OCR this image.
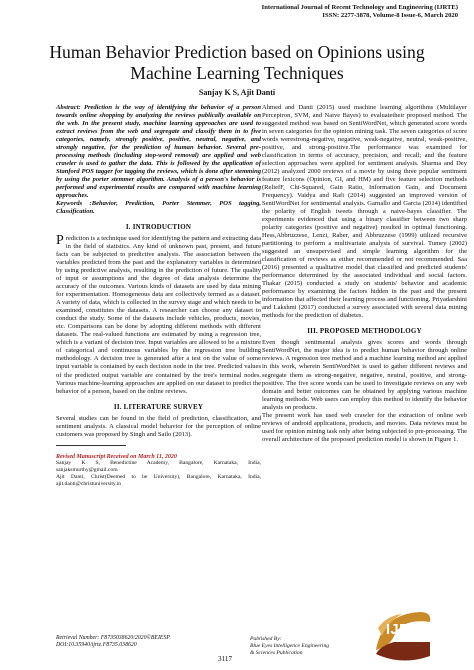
International Journal of Recent Technology and Engineering (IJRTE)
ISSN: 2277-3878, Volume-8 Issue-6, March 2020
Human Behavior Prediction based on Opinions using Machine Learning Techniques
Sanjay K S, Ajit Danti

Abstract: Prediction is the way of identifying the behavior of a person towards online shopping by analyzing the reviews publically available on the web. In the present study, machine learning approaches are used to extract reviews from the web and segregate and classify them in to five categories, namely, strongly positive, positive, neutral, negative, and strongly negative, for the prediction of human behavior. Several pre-processing methods (including stop-word removal) are applied and web crawler is used to gather the data. This is followed by the application of Stanford POS tagger for tagging the reviews, which is done after stemming by using the porter stemmer algorithm. Analysis of a person's behavior is performed and experimental results are compared with machine learning approaches.

Keywords :Behavior, Prediction, Porter Stemmer, POS tagging, Classification.

I. INTRODUCTION

Prediction is a technique used for identifying the pattern and extracting data in the field of statistics. Any kind of unknown past, present, and future facts can be subjected to predictive analysis. The association between the variables predicted from the past and the explanatory variables is determined by using predictive analysis, resulting in the prediction of future. The quality of input or assumptions and the degree of data analysis determine the accuracy of the outcomes. Various kinds of datasets are used by data mining for experimentation. Homogeneous data are collectively termed as a dataset. A variety of data, which is collected in the survey stage and which needs to be examined, constitutes the datasets. A researcher can choose any dataset to conduct the study. Some of the datasets include vehicles, products, movies, etc. Comparisons can be done by adopting different methods with different datasets. The real-valued functions are estimated by using a regression tree, which is a variant of decision tree. Input variables are allowed to be a mixture of categorical and continuous variables by the regression tree building methodology. A decision tree is generated after a test on the value of some input variable is contained by each decision node in the tree. Predicted values of the predicted output variable are contained by the tree's terminal nodes. Various machine-learning approaches are applied on our dataset to predict the behavior of a person, based on the online reviews.

II. LITERATURE SURVEY

Several studies can be found in the field of prediction, classification, and sentiment analysis. A classical model behavior for the perception of online customers was proposed by Singh and Sailo (2013).

Revised Manuscript Received on March 11, 2020
Sanjay K S, Benedictine Academy, Bangalore, Karnataka, India, sanjaksmurthy@gmail.com
Ajit Danti, Christ(Deemed to be University), Bangalore, Karnataka, India, ajit.danti@christuniversity.in

Ahmed and Danti (2015) used machine learning algorithms (Multilayer Perceptron, SVM, and Naive Bayes) to evaluatetheir proposed method. The suggested method was based on SentiWordNet, which generated score words in seven categories for the opinion mining task. The seven categories of score words werestrong-negative, negative, weak-negative, neutral, weak-positive, positive, and strong-positive.The performance was examined for classification in terms of accuracy, precision, and recall; and the feature selection approaches were applied for sentiment analysis. Sharma and Dey (2012) analyzed 2000 reviews of a movie by using three popular sentiment feature lexicons (Opinion, GI, and HM) and five feature selection methods (ReliefF, Chi-Squared, Gain Ratio, Information Gain, and Document Frequency). Vaidya and Rafi (2014) suggested an improved version of SentiWordNet for sentimental analysis. Garnallo and Garcia (2014) identified the polarity of English tweets through a naive-bayes classifier. The experiments evidenced that using a binary classifier between two sharp polarity categories (positive and negative) resulted in optimal functioning. Hess,Abbruzzese, Lenzi, Raber, and Abbruzzese (1999) utilized recursive partitioning to perform a multivariate analysis of survival. Tumey (2002) suggested an unsupervised and simple learning algorithm for the classification of reviews as either recommended or not recommended. Saa (2016) presented a qualitative model that classified and predicted students' performance determined by the associated individual and social factors. Thakar (2015) conducted a study on students' behavior and academic performance by examining the factors hidden in the past and the present information that affected their learning process and functioning. Priyadarshini and Lakshmi (2017) conducted a survey associated with several data mining methods for the prediction of diabetes.

III. PROPOSED METHODOLOGY

Even though sentimental analysis gives scores and words through SentiWordNet, the major idea is to predict human behavior through online reviews. A regression tree method and a machine learning method are applied in this work, wherein SentiWordNet is used to gather different reviews and segregate them as strong-negative, negative, neutral, positive, and strong-positive. The five score words can be used to investigate reviews on any web domain and better outcomes can be obtained by applying various machine learning methods. Web users can employ this method to identify the behavior analysis on products.

The present work has used web crawler for the extraction of online web reviews of android applications, products, and movies. Data reviews must be used for opinion mining task only after being subjected to pre-processing. The overall architecture of the proposed prediction model is shown in Figure 1.

Retrieval Number: F8735038620/2020©BEIESP
DOI:10.35940/ijrte.F8735.038620
3117
Published By:
Blue Eyes Intelligence Engineering
& Sciences Publication
IJRTE
Exploring Innovation
